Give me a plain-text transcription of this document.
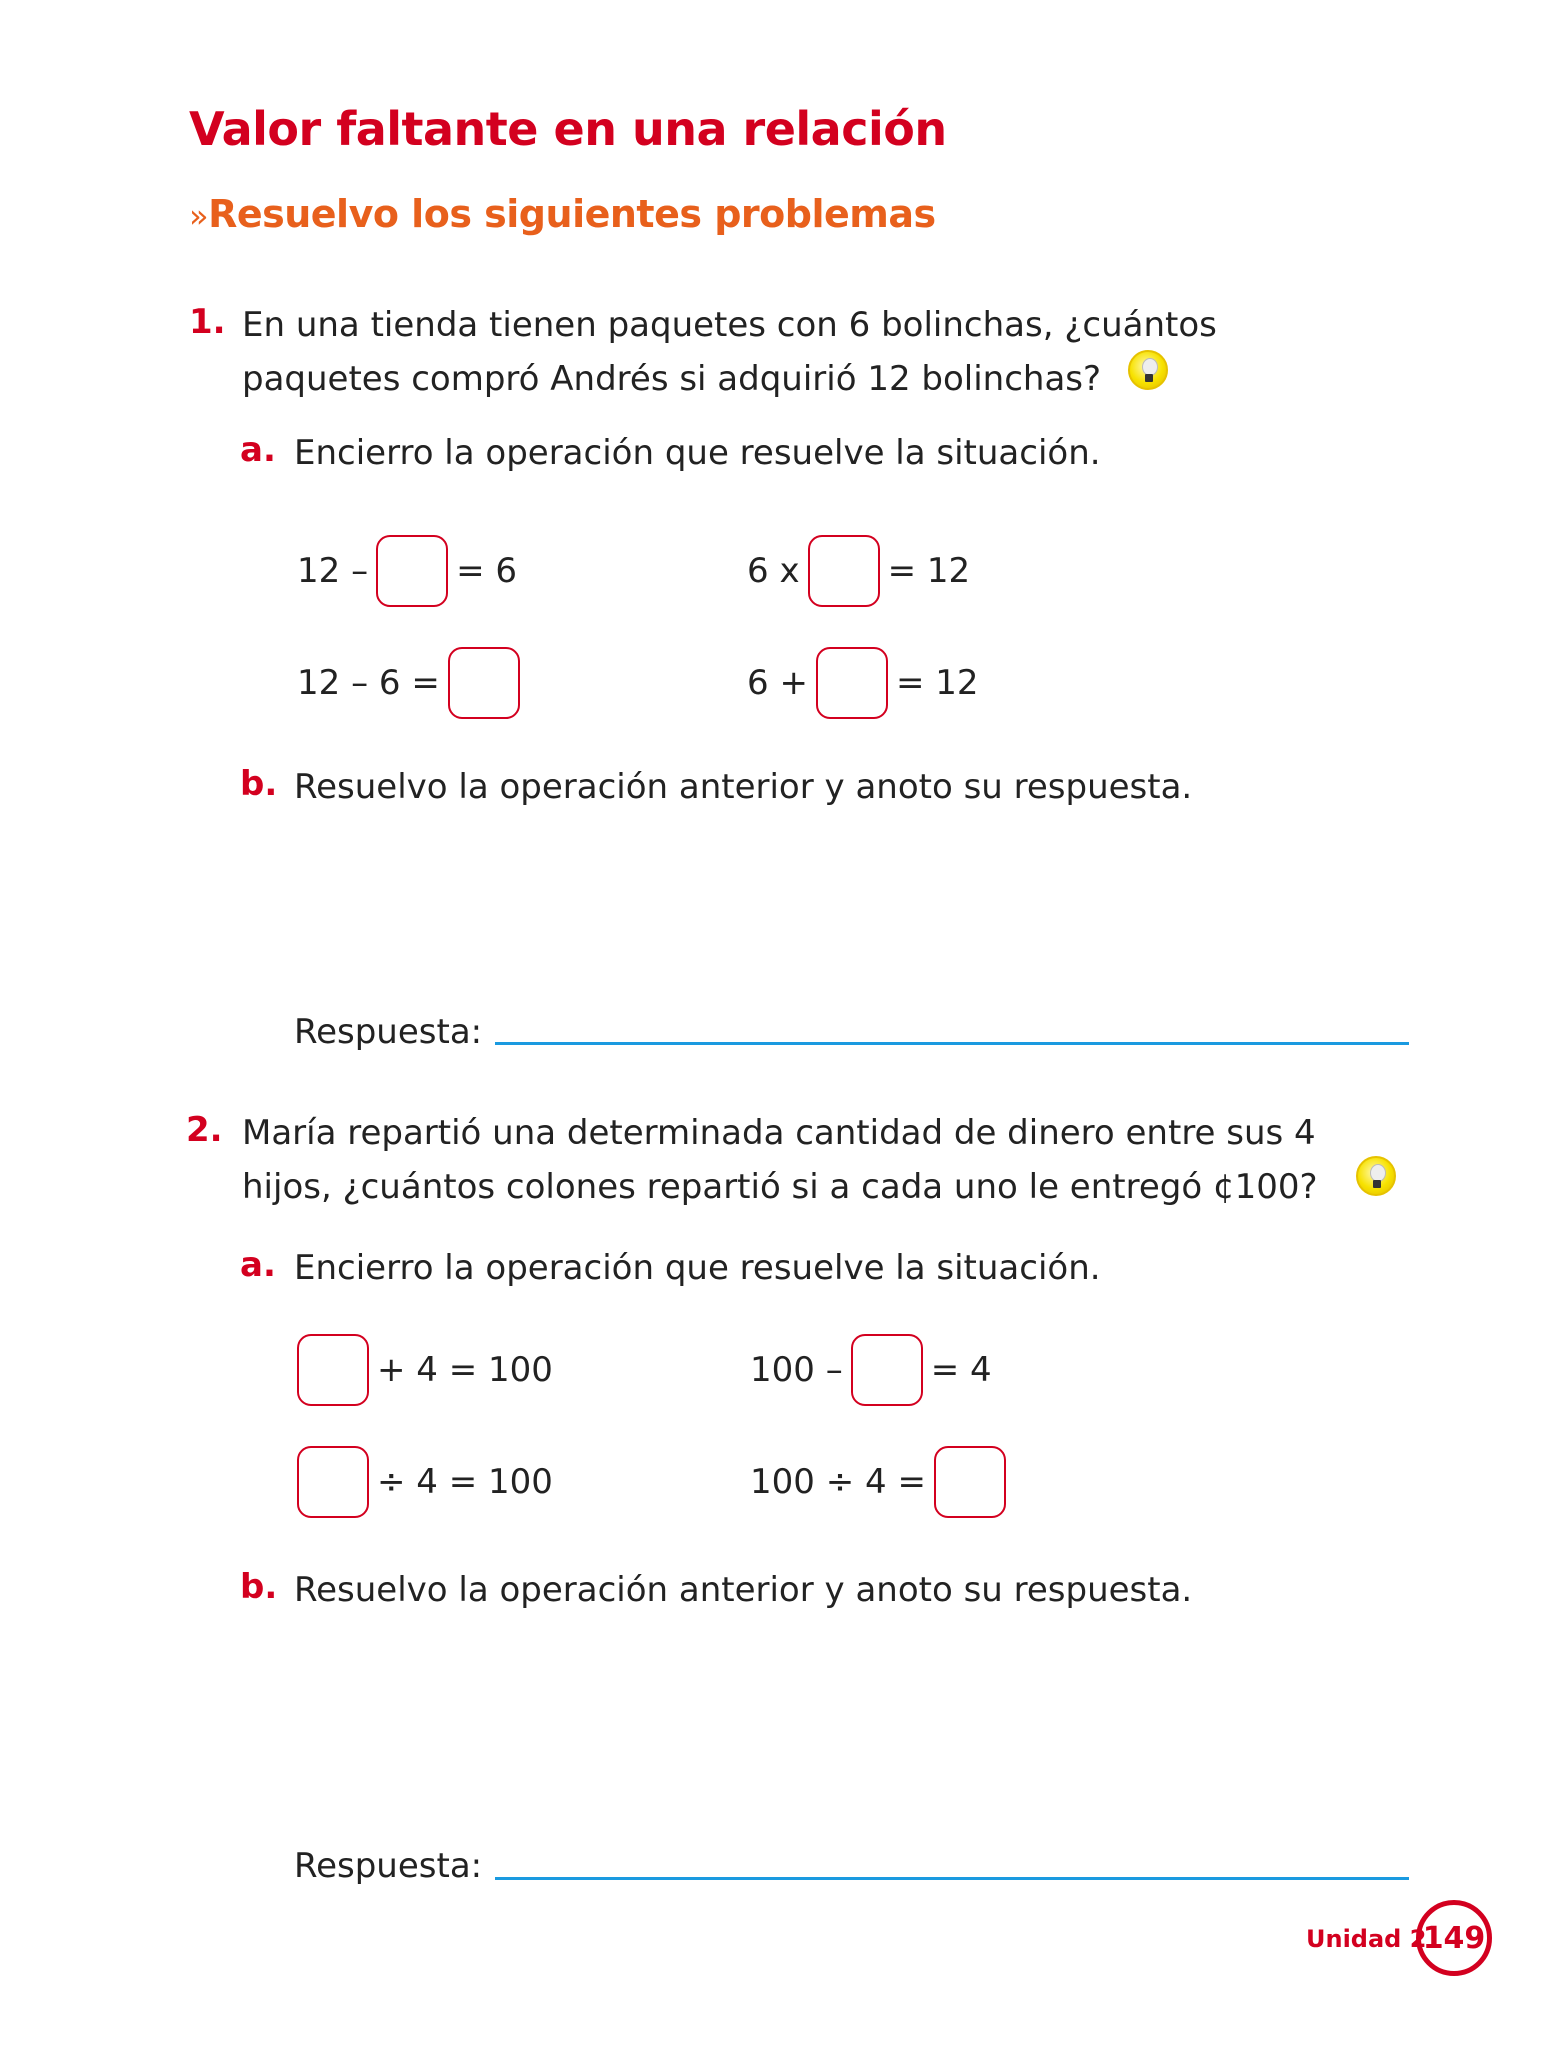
Valor faltante en una relación
»Resuelvo los siguientes problemas
1. En una tienda tienen paquetes con 6 bolinchas, ¿cuántos
paquetes compró Andrés si adquirió 12 bolinchas?
a. Encierro la operación que resuelve la situación.
12 –	= 6	6 x	= 12
12 – 6 =	6 +	= 12
b. Resuelvo la operación anterior y anoto su respuesta.
Respuesta:
2. María repartió una determinada cantidad de dinero entre sus 4
hijos, ¿cuántos colones repartió si a cada uno le entregó ¢100?
a. Encierro la operación que resuelve la situación.
+ 4 = 100	100 –	= 4
÷ 4 = 100	100 ÷ 4 =
b. Resuelvo la operación anterior y anoto su respuesta.
Respuesta:
Unidad 2
149
